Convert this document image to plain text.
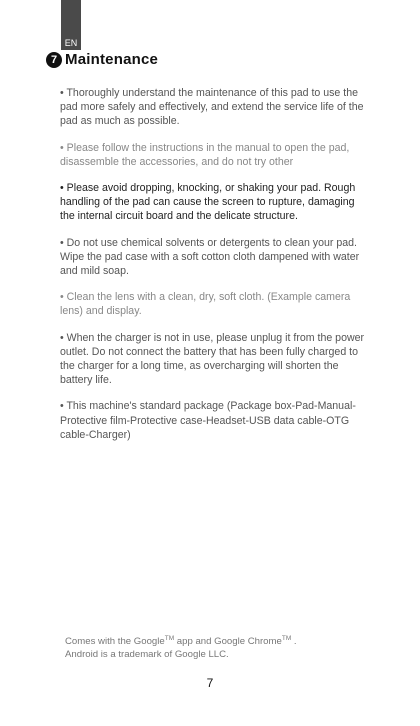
EN
7 Maintenance

• Thoroughly understand the maintenance of this pad to use the pad more safely and effectively, and extend the service life of the pad as much as possible.

• Please follow the instructions in the manual to open the pad, disassemble the accessories, and do not try other

• Please avoid dropping, knocking, or shaking your pad. Rough handling of the pad can cause the screen to rupture, damaging the internal circuit board and the delicate structure.

• Do not use chemical solvents or detergents to clean your pad. Wipe the pad case with a soft cotton cloth dampened with water and mild soap.

• Clean the lens with a clean, dry, soft cloth. (Example camera lens) and display.

• When the charger is not in use, please unplug it from the power outlet. Do not connect the battery that has been fully charged to the charger for a long time, as overcharging will shorten the battery life.

• This machine's standard package (Package box-Pad-Manual-Protective film-Protective case-Headset-USB data cable-OTG cable-Charger)

Comes with the Google™ app and Google Chrome™ .
Android is a trademark of Google LLC.
7
